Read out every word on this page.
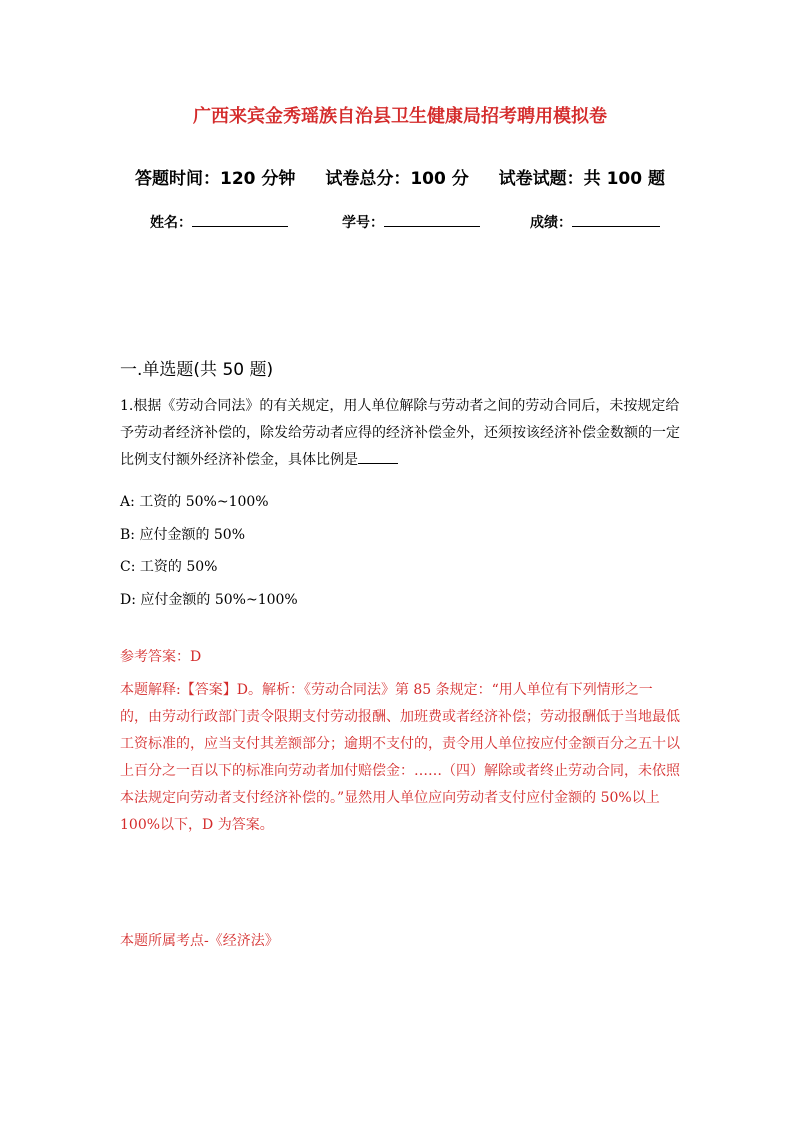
广西来宾金秀瑶族自治县卫生健康局招考聘用模拟卷
答题时间：120 分钟 试卷总分：100 分 试卷试题：共 100 题
姓名：	学号：	成绩：
一.单选题(共 50 题)
1.根据《劳动合同法》的有关规定，用人单位解除与劳动者之间的劳动合同后，未按规定给予劳动者经济补偿的，除发给劳动者应得的经济补偿金外，还须按该经济补偿金数额的一定比例支付额外经济补偿金，具体比例是
A: 工资的 50%~100%
B: 应付金额的 50%
C: 工资的 50%
D: 应付金额的 50%~100%
参考答案：D
本题解释:【答案】D。解析：《劳动合同法》第 85 条规定：“用人单位有下列情形之一的，由劳动行政部门责令限期支付劳动报酬、加班费或者经济补偿；劳动报酬低于当地最低工资标准的，应当支付其差额部分；逾期不支付的，责令用人单位按应付金额百分之五十以上百分之一百以下的标准向劳动者加付赔偿金：……（四）解除或者终止劳动合同，未依照本法规定向劳动者支付经济补偿的。”显然用人单位应向劳动者支付应付金额的 50%以上 100%以下，D 为答案。
本题所属考点-《经济法》
